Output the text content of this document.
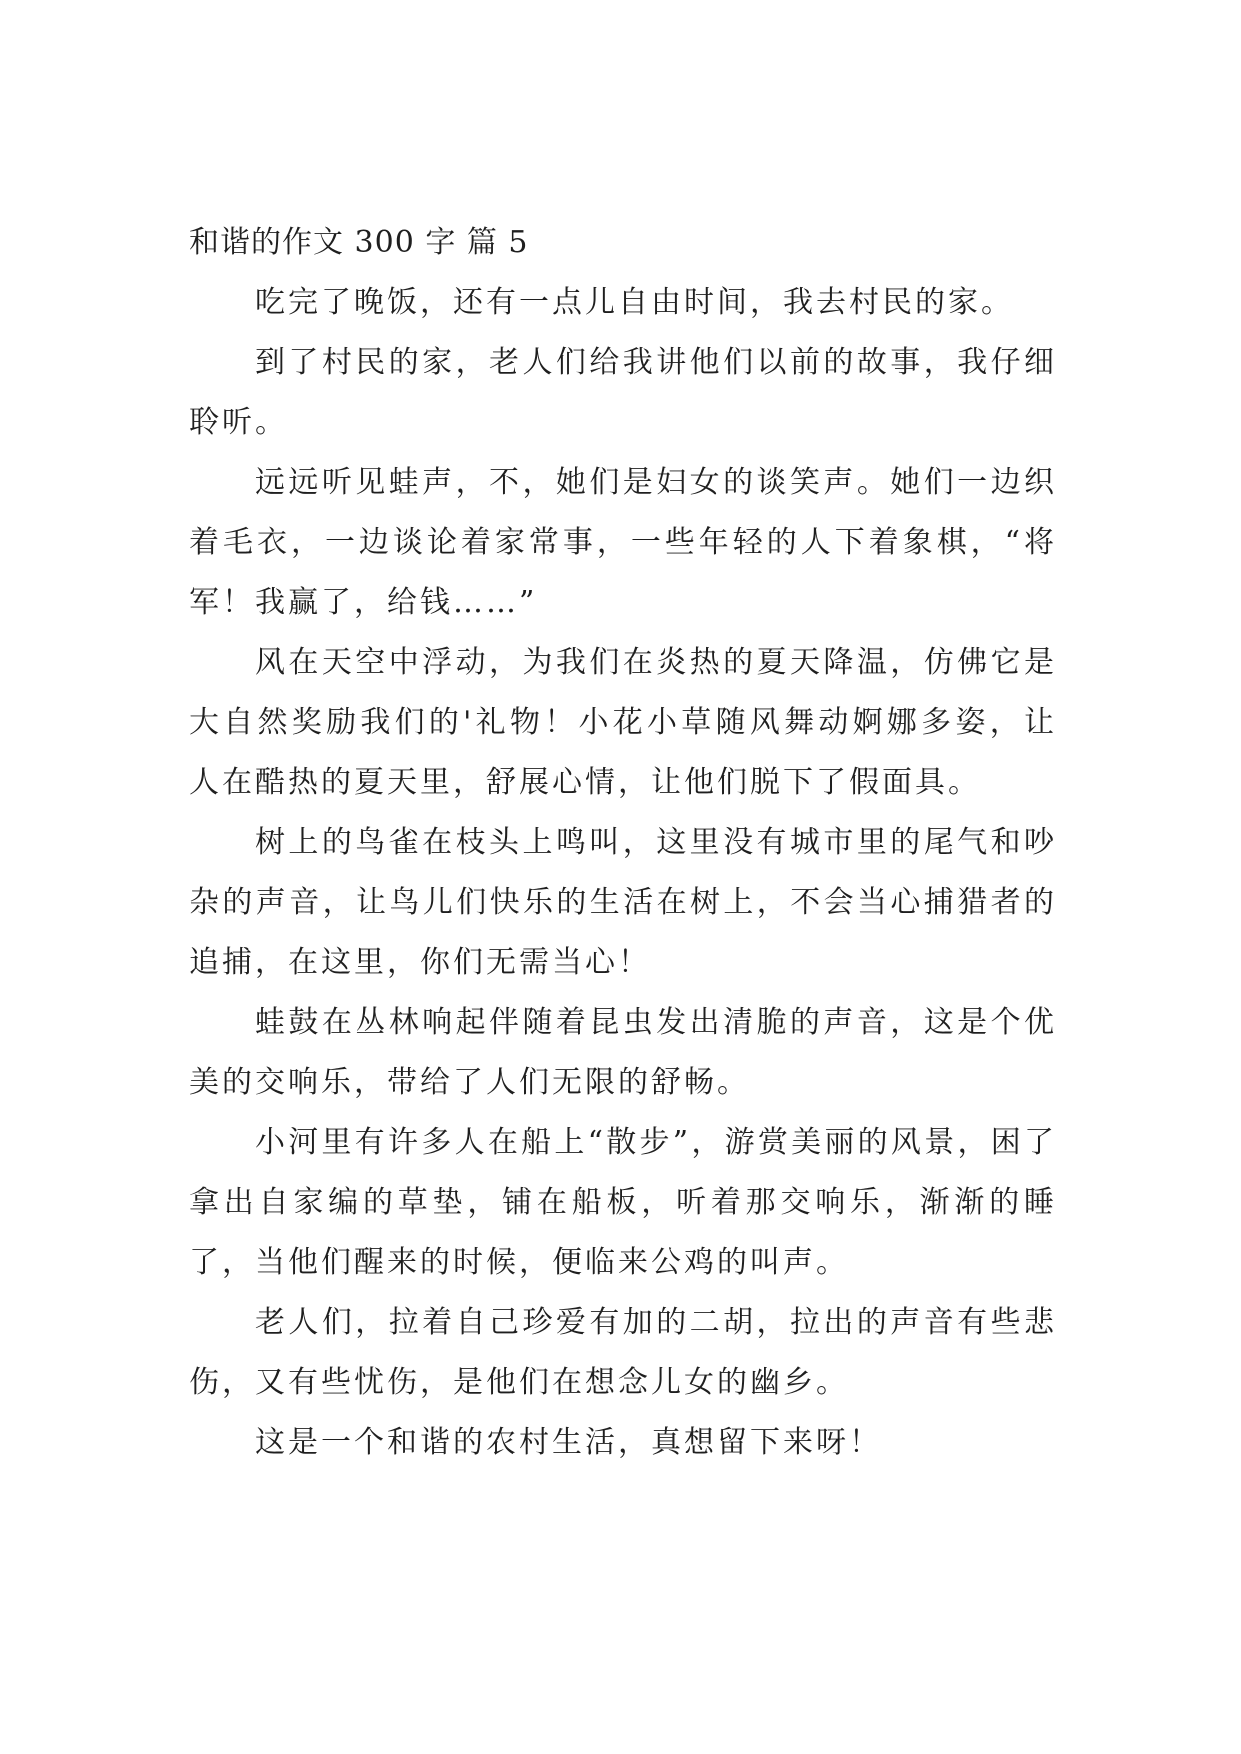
和谐的作文 300 字 篇 5

吃完了晚饭，还有一点儿自由时间，我去村民的家。

到了村民的家，老人们给我讲他们以前的故事，我仔细聆听。

远远听见蛙声，不，她们是妇女的谈笑声。她们一边织着毛衣，一边谈论着家常事，一些年轻的人下着象棋，“将军！我赢了，给钱……”

风在天空中浮动，为我们在炎热的夏天降温，仿佛它是大自然奖励我们的'礼物！小花小草随风舞动婀娜多姿，让人在酷热的夏天里，舒展心情，让他们脱下了假面具。

树上的鸟雀在枝头上鸣叫，这里没有城市里的尾气和吵杂的声音，让鸟儿们快乐的生活在树上，不会当心捕猎者的追捕，在这里，你们无需当心！

蛙鼓在丛林响起伴随着昆虫发出清脆的声音，这是个优美的交响乐，带给了人们无限的舒畅。

小河里有许多人在船上“散步”，游赏美丽的风景，困了拿出自家编的草垫，铺在船板，听着那交响乐，渐渐的睡了，当他们醒来的时候，便临来公鸡的叫声。

老人们，拉着自己珍爱有加的二胡，拉出的声音有些悲伤，又有些忧伤，是他们在想念儿女的幽乡。

这是一个和谐的农村生活，真想留下来呀！
